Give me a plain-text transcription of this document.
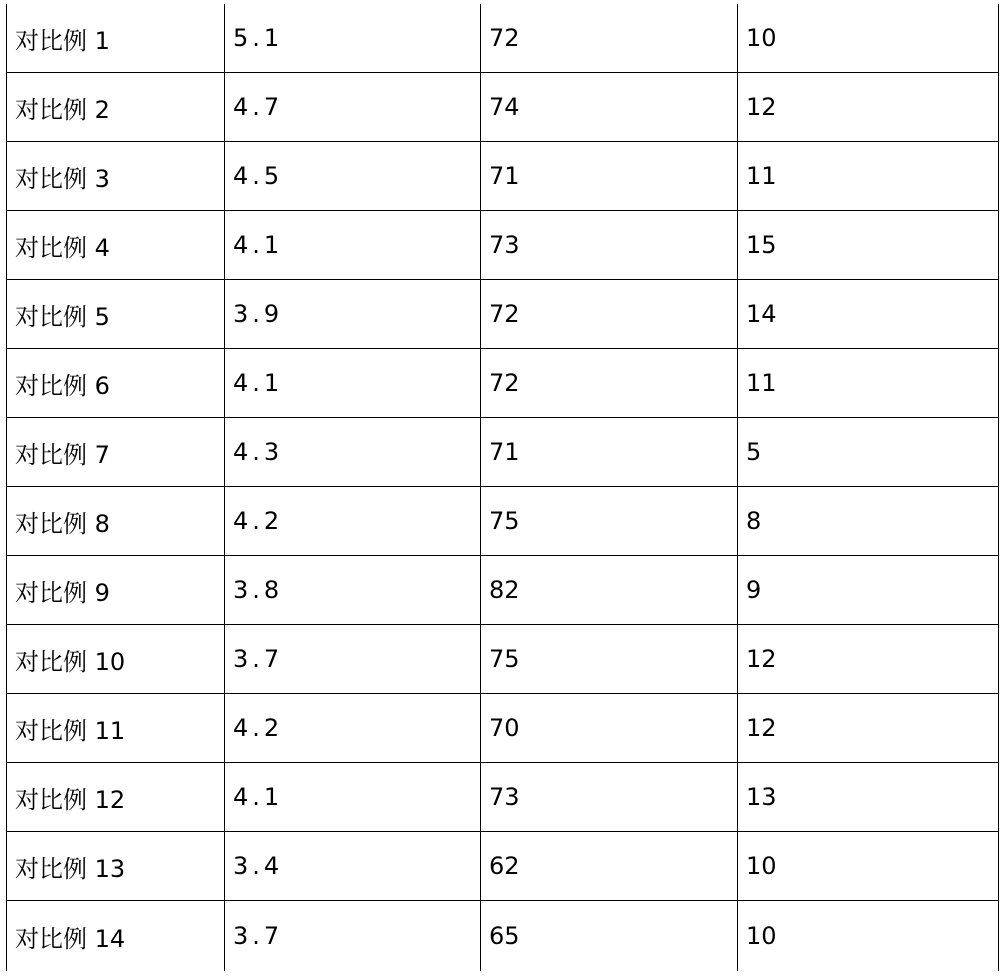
对比例 1	5.1	72	10
对比例 2	4.7	74	12
对比例 3	4.5	71	11
对比例 4	4.1	73	15
对比例 5	3.9	72	14
对比例 6	4.1	72	11
对比例 7	4.3	71	5
对比例 8	4.2	75	8
对比例 9	3.8	82	9
对比例 10	3.7	75	12
对比例 11	4.2	70	12
对比例 12	4.1	73	13
对比例 13	3.4	62	10
对比例 14	3.7	65	10
